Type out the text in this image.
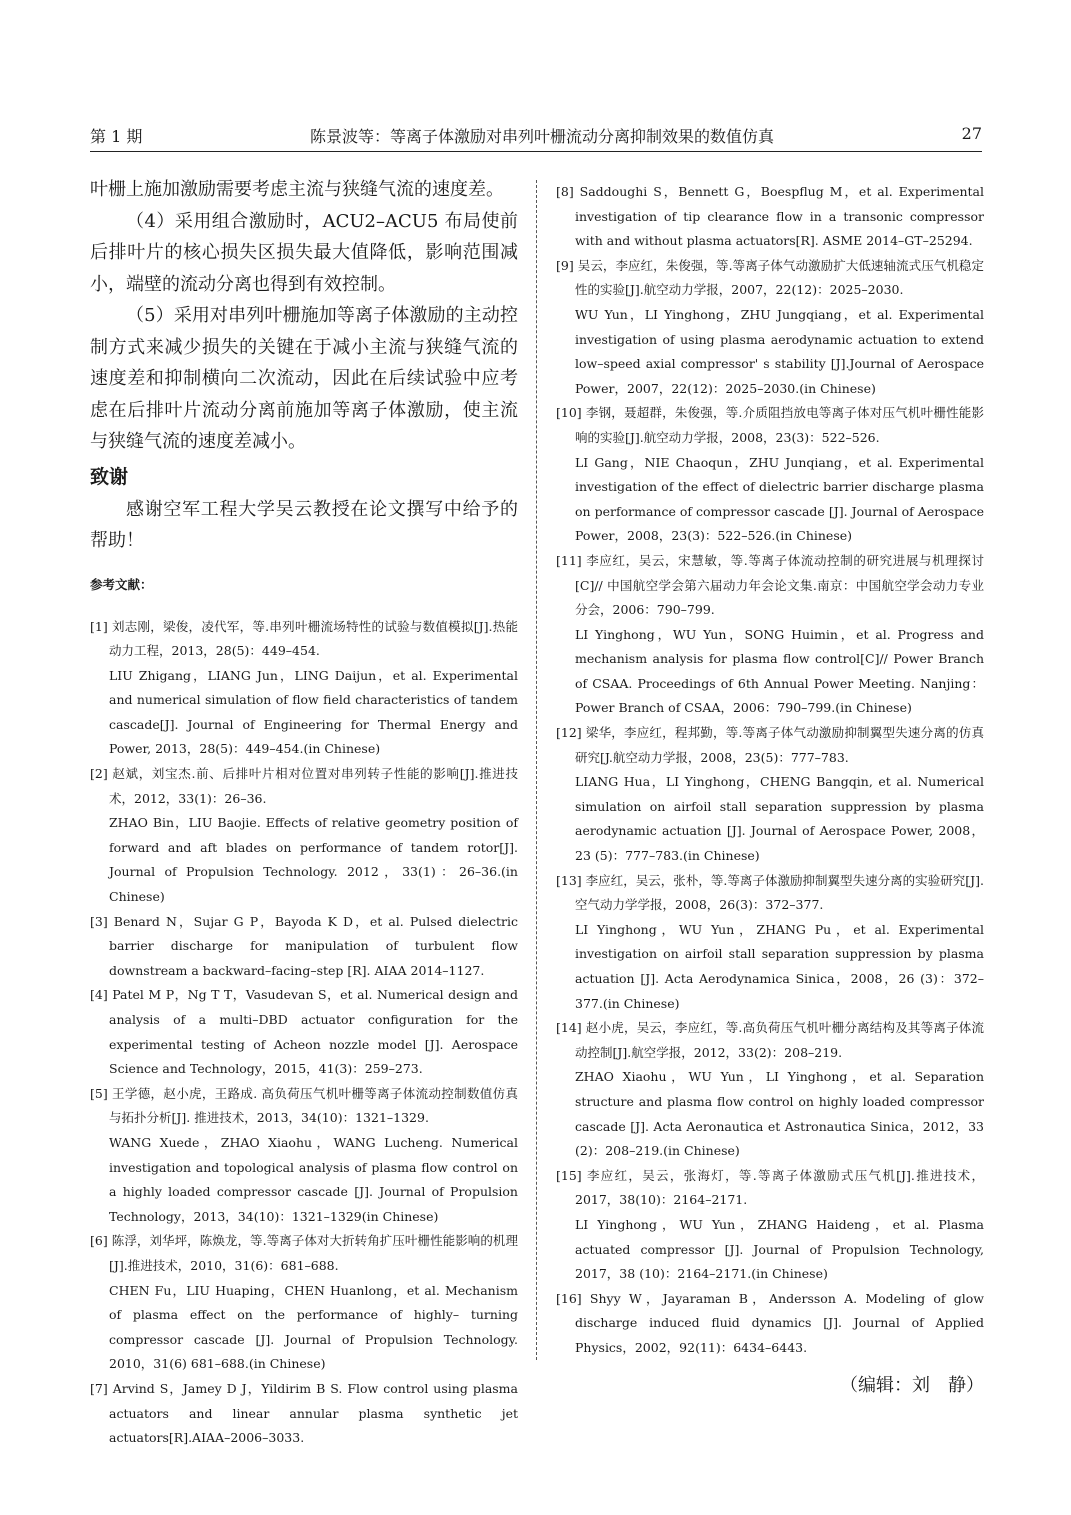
第 1 期	陈景波等：等离子体激励对串列叶栅流动分离抑制效果的数值仿真	27

叶栅上施加激励需要考虑主流与狭缝气流的速度差。

（4）采用组合激励时，ACU2–ACU5 布局使前后排叶片的核心损失区损失最大值降低，影响范围减小，端壁的流动分离也得到有效控制。

（5）采用对串列叶栅施加等离子体激励的主动控制方式来减少损失的关键在于减小主流与狭缝气流的速度差和抑制横向二次流动，因此在后续试验中应考虑在后排叶片流动分离前施加等离子体激励，使主流与狭缝气流的速度差减小。

致谢

感谢空军工程大学吴云教授在论文撰写中给予的帮助！

参考文献：

[1] 刘志刚，梁俊，凌代军，等.串列叶栅流场特性的试验与数值模拟[J].热能动力工程，2013，28(5)：449–454.
LIU Zhigang，LIANG Jun，LING Daijun，et al. Experimental and numerical simulation of flow field characteristics of tandem cascade[J]. Journal of Engineering for Thermal Energy and Power, 2013，28(5)：449–454.(in Chinese)

[2] 赵斌，刘宝杰.前、后排叶片相对位置对串列转子性能的影响[J].推进技术，2012，33(1)：26–36.
ZHAO Bin，LIU Baojie. Effects of relative geometry position of forward and aft blades on performance of tandem rotor[J]. Journal of Propulsion Technology. 2012，33(1)：26–36.(in Chinese)

[3] Benard N，Sujar G P，Bayoda K D，et al. Pulsed dielectric barrier discharge for manipulation of turbulent flow downstream a backward–facing–step [R]. AIAA 2014–1127.

[4] Patel M P，Ng T T，Vasudevan S，et al. Numerical design and analysis of a multi–DBD actuator configuration for the experimental testing of Acheon nozzle model [J]. Aerospace Science and Technology，2015，41(3)：259–273.

[5] 王学德，赵小虎，王路成. 高负荷压气机叶栅等离子体流动控制数值仿真与拓扑分析[J]. 推进技术，2013，34(10)：1321–1329.
WANG Xuede，ZHAO Xiaohu，WANG Lucheng. Numerical investigation and topological analysis of plasma flow control on a highly loaded compressor cascade [J]. Journal of Propulsion Technology，2013，34(10)：1321–1329(in Chinese)

[6] 陈浮，刘华坪，陈焕龙，等.等离子体对大折转角扩压叶栅性能影响的机理[J].推进技术，2010，31(6)：681–688.
CHEN Fu，LIU Huaping，CHEN Huanlong，et al. Mechanism of plasma effect on the performance of highly– turning compressor cascade [J]. Journal of Propulsion Technology. 2010，31(6) 681–688.(in Chinese)

[7] Arvind S，Jamey D J，Yildirim B S. Flow control using plasma actuators and linear annular plasma synthetic jet actuators[R].AIAA–2006–3033.

[8] Saddoughi S，Bennett G，Boespflug M，et al. Experimental investigation of tip clearance flow in a transonic compressor with and without plasma actuators[R]. ASME 2014–GT–25294.

[9] 吴云，李应红，朱俊强，等.等离子体气动激励扩大低速轴流式压气机稳定性的实验[J].航空动力学报，2007，22(12)：2025–2030.
WU Yun，LI Yinghong，ZHU Jungqiang，et al. Experimental investigation of using plasma aerodynamic actuation to extend low–speed axial compressor' s stability [J].Journal of Aerospace Power，2007，22(12)：2025–2030.(in Chinese)

[10] 李钢，聂超群，朱俊强，等.介质阻挡放电等离子体对压气机叶栅性能影响的实验[J].航空动力学报，2008，23(3)：522–526.
LI Gang，NIE Chaoqun，ZHU Junqiang，et al. Experimental investigation of the effect of dielectric barrier discharge plasma on performance of compressor cascade [J]. Journal of Aerospace Power，2008，23(3)：522–526.(in Chinese)

[11] 李应红，吴云，宋慧敏，等.等离子体流动控制的研究进展与机理探讨[C]// 中国航空学会第六届动力年会论文集.南京：中国航空学会动力专业分会，2006：790–799.
LI Yinghong，WU Yun，SONG Huimin，et al. Progress and mechanism analysis for plasma flow control[C]// Power Branch of CSAA. Proceedings of 6th Annual Power Meeting. Nanjing：Power Branch of CSAA，2006：790–799.(in Chinese)

[12] 梁华，李应红，程邦勤，等.等离子体气动激励抑制翼型失速分离的仿真研究[J.航空动力学报，2008，23(5)：777–783.
LIANG Hua，LI Yinghong，CHENG Bangqin, et al. Numerical simulation on airfoil stall separation suppression by plasma aerodynamic actuation [J]. Journal of Aerospace Power, 2008，23 (5)：777–783.(in Chinese)

[13] 李应红，吴云，张朴，等.等离子体激励抑制翼型失速分离的实验研究[J].空气动力学学报，2008，26(3)：372–377.
LI Yinghong，WU Yun，ZHANG Pu，et al. Experimental investigation on airfoil stall separation suppression by plasma actuation [J]. Acta Aerodynamica Sinica，2008，26 (3)：372–377.(in Chinese)

[14] 赵小虎，吴云，李应红，等.高负荷压气机叶栅分离结构及其等离子体流动控制[J].航空学报，2012，33(2)：208–219.
ZHAO Xiaohu，WU Yun，LI Yinghong，et al. Separation structure and plasma flow control on highly loaded compressor cascade [J]. Acta Aeronautica et Astronautica Sinica，2012，33 (2)：208–219.(in Chinese)

[15] 李应红，吴云，张海灯，等.等离子体激励式压气机[J].推进技术，2017，38(10)：2164–2171.
LI Yinghong，WU Yun，ZHANG Haideng，et al. Plasma actuated compressor [J]. Journal of Propulsion Technology, 2017，38 (10)：2164–2171.(in Chinese)

[16] Shyy W，Jayaraman B，Andersson A. Modeling of glow discharge induced fluid dynamics [J]. Journal of Applied Physics，2002，92(11)：6434–6443.

（编辑：刘　静）
